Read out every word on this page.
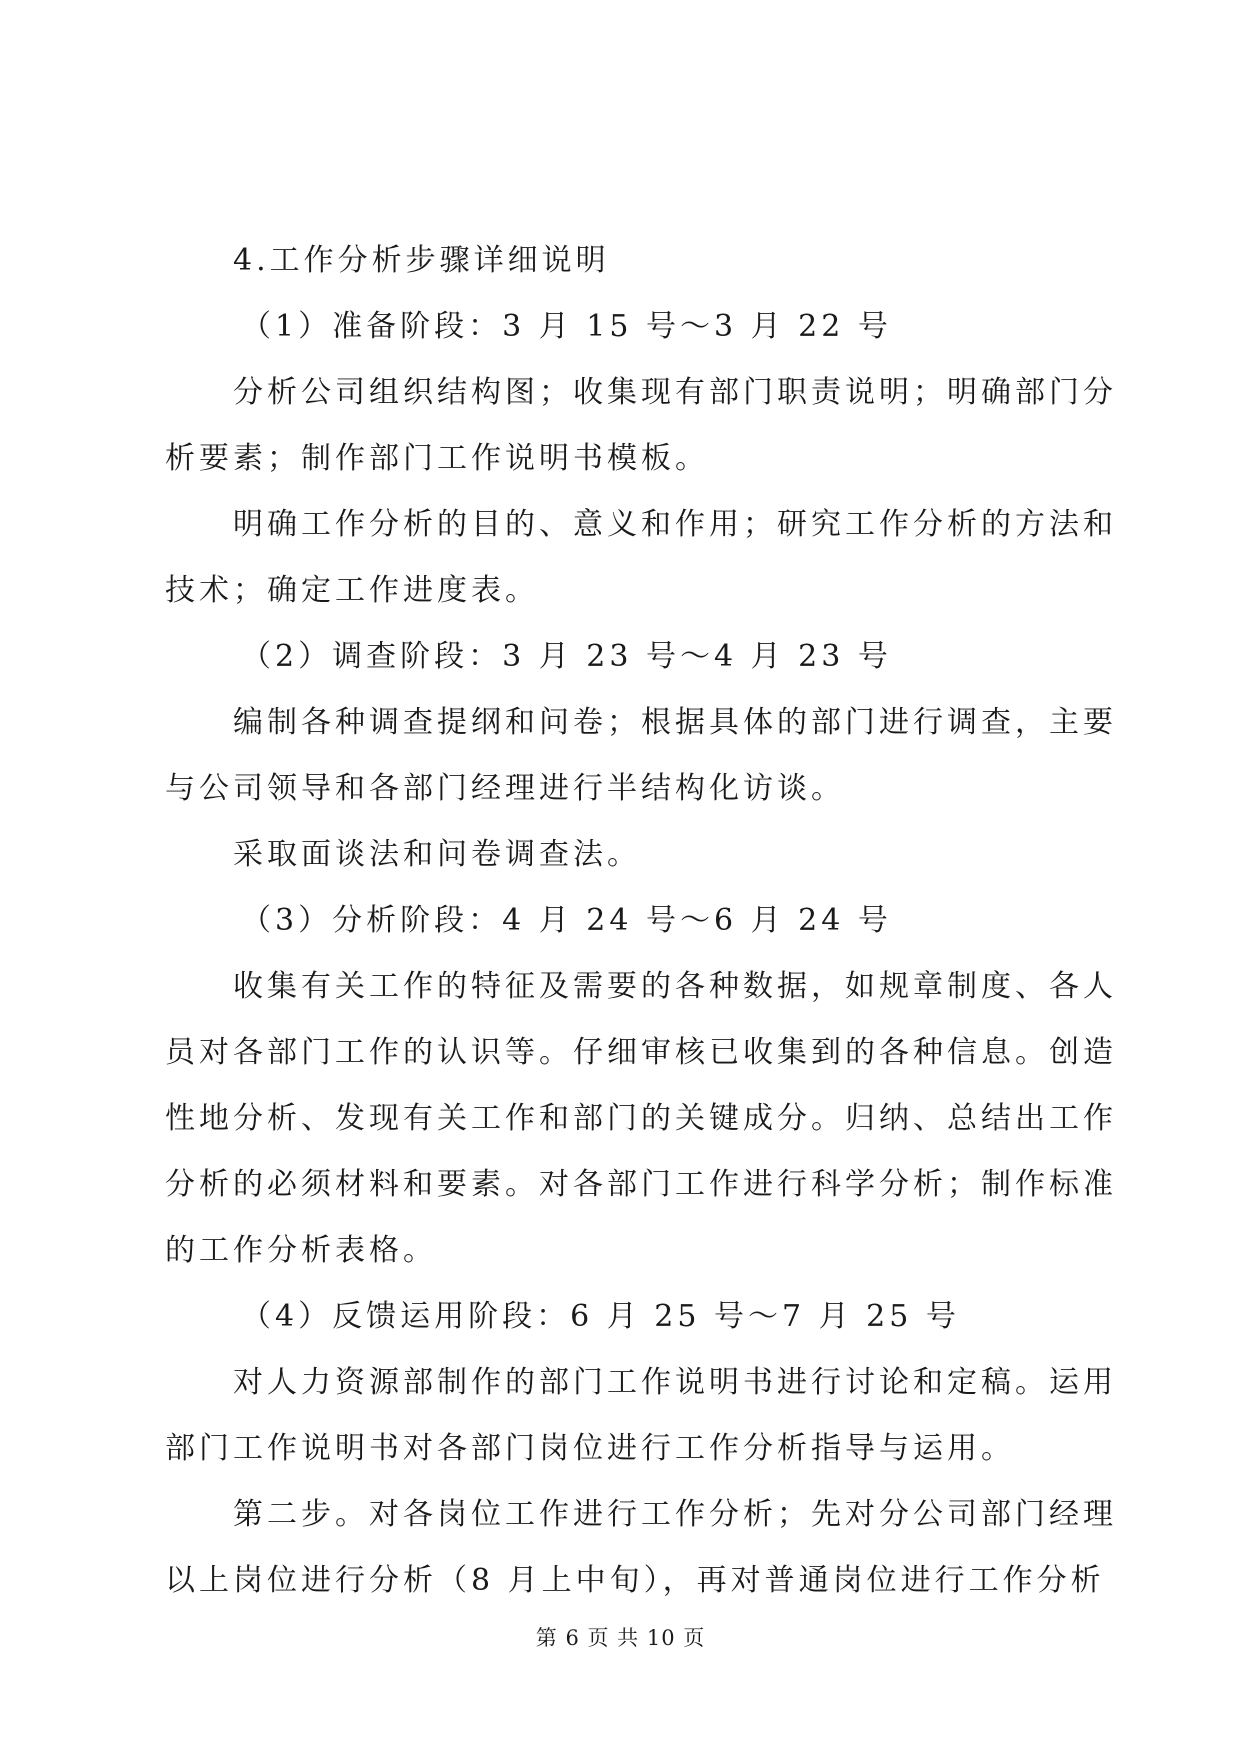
4.工作分析步骤详细说明
（1）准备阶段：3 月 15 号～3 月 22 号
分析公司组织结构图；收集现有部门职责说明；明确部门分
析要素；制作部门工作说明书模板。
明确工作分析的目的、意义和作用；研究工作分析的方法和
技术；确定工作进度表。
（2）调查阶段：3 月 23 号～4 月 23 号
编制各种调查提纲和问卷；根据具体的部门进行调查，主要
与公司领导和各部门经理进行半结构化访谈。
采取面谈法和问卷调查法。
（3）分析阶段：4 月 24 号～6 月 24 号
收集有关工作的特征及需要的各种数据，如规章制度、各人
员对各部门工作的认识等。仔细审核已收集到的各种信息。创造
性地分析、发现有关工作和部门的关键成分。归纳、总结出工作
分析的必须材料和要素。对各部门工作进行科学分析；制作标准
的工作分析表格。
（4）反馈运用阶段：6 月 25 号～7 月 25 号
对人力资源部制作的部门工作说明书进行讨论和定稿。运用
部门工作说明书对各部门岗位进行工作分析指导与运用。
第二步。对各岗位工作进行工作分析；先对分公司部门经理
以上岗位进行分析（8 月上中旬），再对普通岗位进行工作分析
第 6 页 共 10 页
